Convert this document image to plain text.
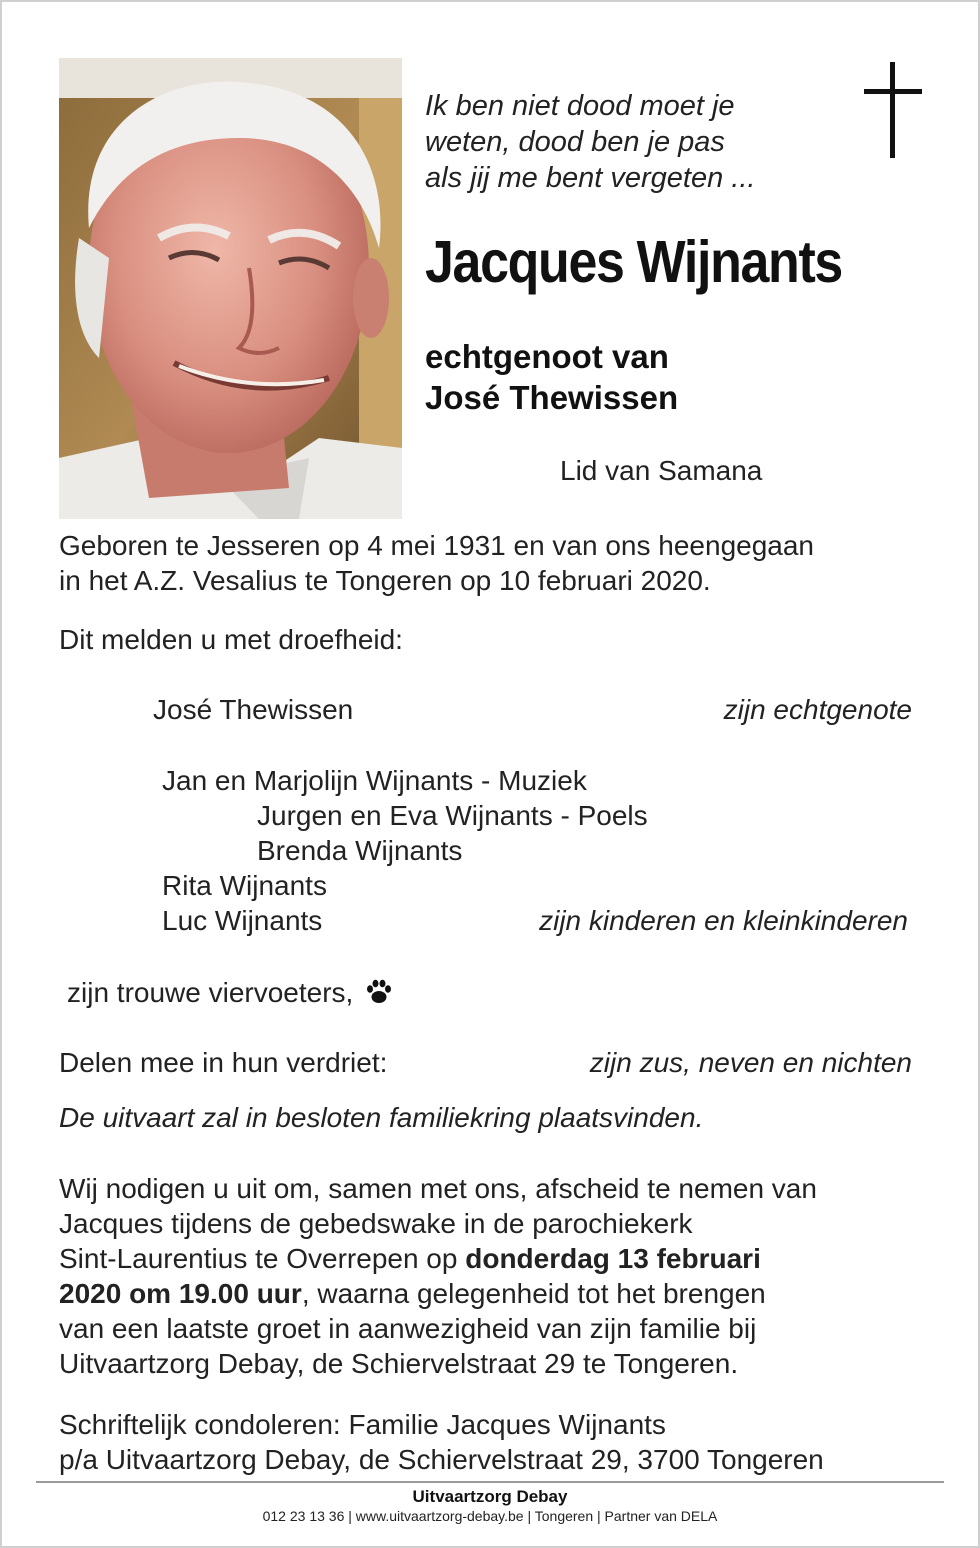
Ik ben niet dood moet je
weten, dood ben je pas
als jij me bent vergeten ...
Jacques Wijnants
echtgenoot van
José Thewissen
Lid van Samana
Geboren te Jesseren op 4 mei 1931 en van ons heengegaan
in het A.Z. Vesalius te Tongeren op 10 februari 2020.
Dit melden u met droefheid:
José Thewissen	zijn echtgenote
Jan en Marjolijn Wijnants - Muziek
Jurgen en Eva Wijnants - Poels
Brenda Wijnants
Rita Wijnants
Luc Wijnants	zijn kinderen en kleinkinderen
zijn trouwe viervoeters,
Delen mee in hun verdriet:	zijn zus, neven en nichten
De uitvaart zal in besloten familiekring plaatsvinden.
Wij nodigen u uit om, samen met ons, afscheid te nemen van
Jacques tijdens de gebedswake in de parochiekerk
Sint-Laurentius te Overrepen op donderdag 13 februari
2020 om 19.00 uur, waarna gelegenheid tot het brengen
van een laatste groet in aanwezigheid van zijn familie bij
Uitvaartzorg Debay, de Schiervelstraat 29 te Tongeren.
Schriftelijk condoleren: Familie Jacques Wijnants
p/a Uitvaartzorg Debay, de Schiervelstraat 29, 3700 Tongeren
Uitvaartzorg Debay
012 23 13 36 | www.uitvaartzorg-debay.be | Tongeren | Partner van DELA
